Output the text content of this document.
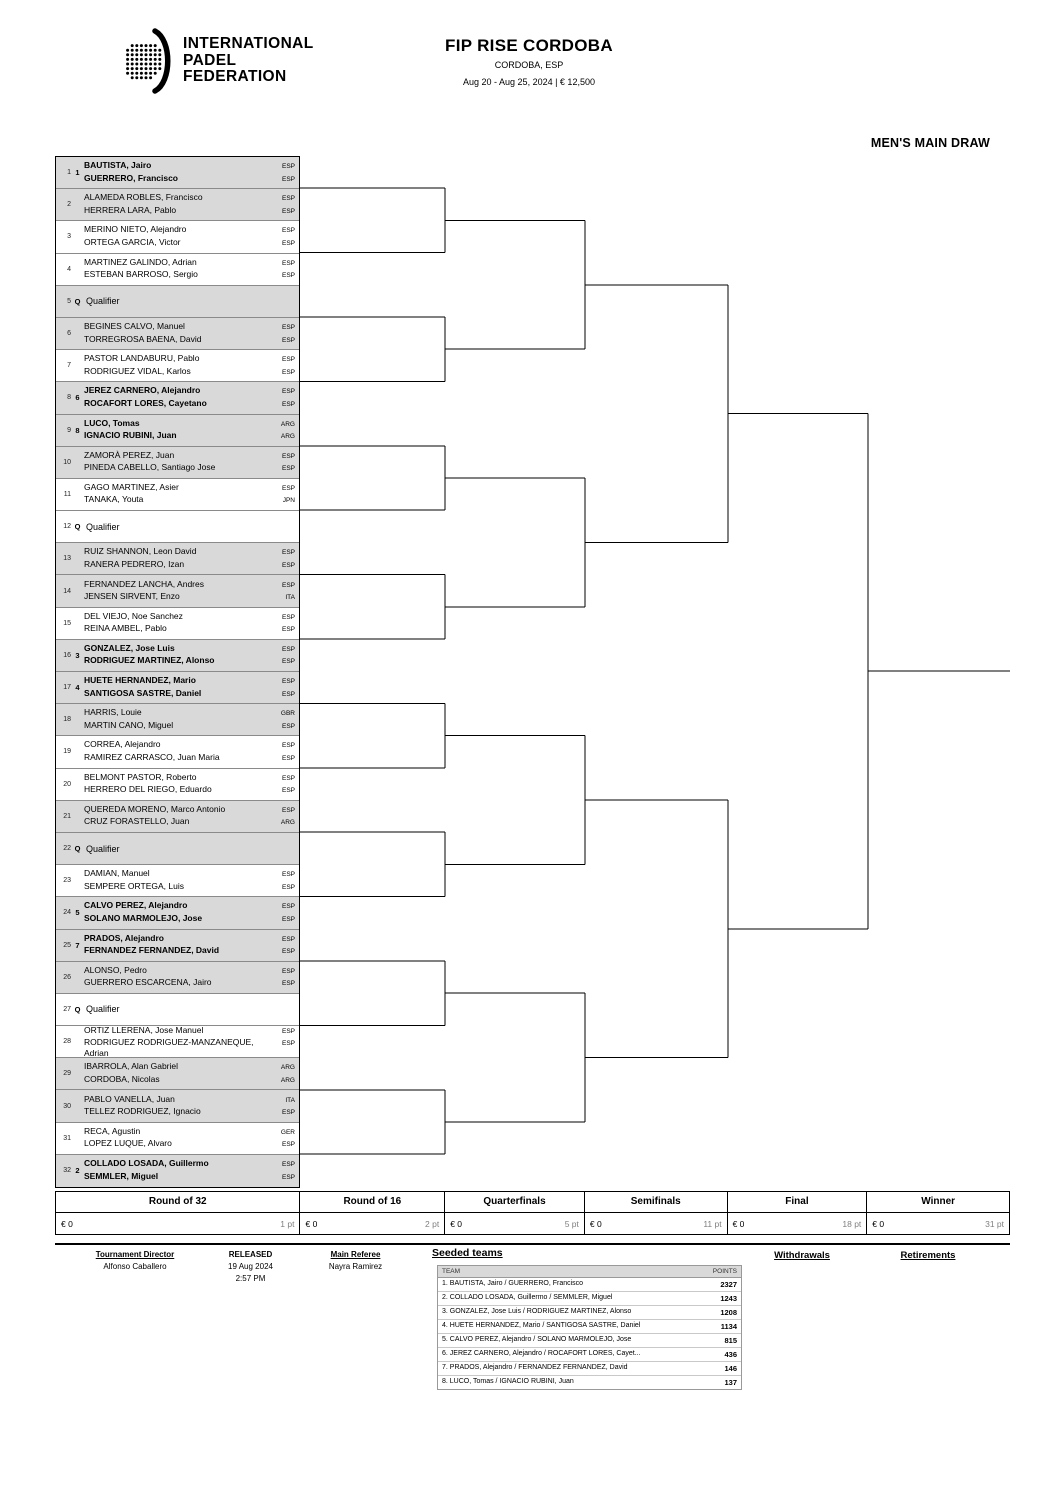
INTERNATIONAL
PADEL
FEDERATION
FIP RISE CORDOBA
CORDOBA, ESP
Aug 20 - Aug 25, 2024 | € 12,500
MEN'S MAIN DRAW
1 1
BAUTISTA, Jairo	ESP
GUERRERO, Francisco	ESP
2
ALAMEDA ROBLES, Francisco	ESP
HERRERA LARA, Pablo	ESP
3
MERINO NIETO, Alejandro	ESP
ORTEGA GARCIA, Victor	ESP
4
MARTINEZ GALINDO, Adrian	ESP
ESTEBAN BARROSO, Sergio	ESP
5 Q Qualifier
6
BEGINES CALVO, Manuel	ESP
TORREGROSA BAENA, David	ESP
7
PASTOR LANDABURU, Pablo	ESP
RODRIGUEZ VIDAL, Karlos	ESP
8 6
JEREZ CARNERO, Alejandro	ESP
ROCAFORT LORES, Cayetano	ESP
9 8
LUCO, Tomas	ARG
IGNACIO RUBINI, Juan	ARG
10
ZAMORÀ PEREZ, Juan	ESP
PINEDA CABELLO, Santiago Jose	ESP
11
GAGO MARTINEZ, Asier	ESP
TANAKA, Youta	JPN
12 Q Qualifier
13
RUIZ SHANNON, Leon David	ESP
RANERA PEDRERO, Izan	ESP
14
FERNANDEZ LANCHA, Andres	ESP
JENSEN SIRVENT, Enzo	ITA
15
DEL VIEJO, Noe Sanchez	ESP
REINA AMBEL, Pablo	ESP
16 3
GONZALEZ, Jose Luis	ESP
RODRIGUEZ MARTINEZ, Alonso	ESP
17 4
HUETE HERNANDEZ, Mario	ESP
SANTIGOSA SASTRE, Daniel	ESP
18
HARRIS, Louie	GBR
MARTIN CANO, Miguel	ESP
19
CORREA, Alejandro	ESP
RAMIREZ CARRASCO, Juan Maria	ESP
20
BELMONT PASTOR, Roberto	ESP
HERRERO DEL RIEGO, Eduardo	ESP
21
QUEREDA MORENO, Marco Antonio	ESP
CRUZ FORASTELLO, Juan	ARG
22 Q Qualifier
23
DAMIAN, Manuel	ESP
SEMPERE ORTEGA, Luis	ESP
24 5
CALVO PEREZ, Alejandro	ESP
SOLANO MARMOLEJO, Jose	ESP
25 7
PRADOS, Alejandro	ESP
FERNANDEZ FERNANDEZ, David	ESP
26
ALONSO, Pedro	ESP
GUERRERO ESCARCENA, Jairo	ESP
27 Q Qualifier
28
ORTIZ LLERENA, Jose Manuel	ESP
RODRIGUEZ RODRIGUEZ-MANZANEQUE, Adrian
ESP
29
IBARROLA, Alan Gabriel	ARG
CORDOBA, Nicolas	ARG
30
PABLO VANELLA, Juan	ITA
TELLEZ RODRIGUEZ, Ignacio	ESP
31
RECA, Agustin	GER
LOPEZ LUQUE, Alvaro	ESP
32 2
COLLADO LOSADA, Guillermo	ESP
SEMMLER, Miguel	ESP
Round of 32
€ 0	1 pt
Round of 16
€ 0	2 pt
Quarterfinals
€ 0	5 pt
Semifinals
€ 0	11 pt
Final
€ 0	18 pt
Winner
€ 0	31 pt
Tournament Director
Alfonso Caballero
RELEASED
19 Aug 2024
2:57 PM
Main Referee
Nayra Ramirez
Seeded teams
TEAM	POINTS
1. BAUTISTA, Jairo / GUERRERO, Francisco	2327
2. COLLADO LOSADA, Guillermo / SEMMLER, Miguel	1243
3. GONZALEZ, Jose Luis / RODRIGUEZ MARTINEZ, Alonso	1208
4. HUETE HERNANDEZ, Mario / SANTIGOSA SASTRE, Daniel	1134
5. CALVO PEREZ, Alejandro / SOLANO MARMOLEJO, Jose	815
6. JEREZ CARNERO, Alejandro / ROCAFORT LORES, Cayet...	436
7. PRADOS, Alejandro / FERNANDEZ FERNANDEZ, David	146
8. LUCO, Tomas / IGNACIO RUBINI, Juan	137
Withdrawals	Retirements
